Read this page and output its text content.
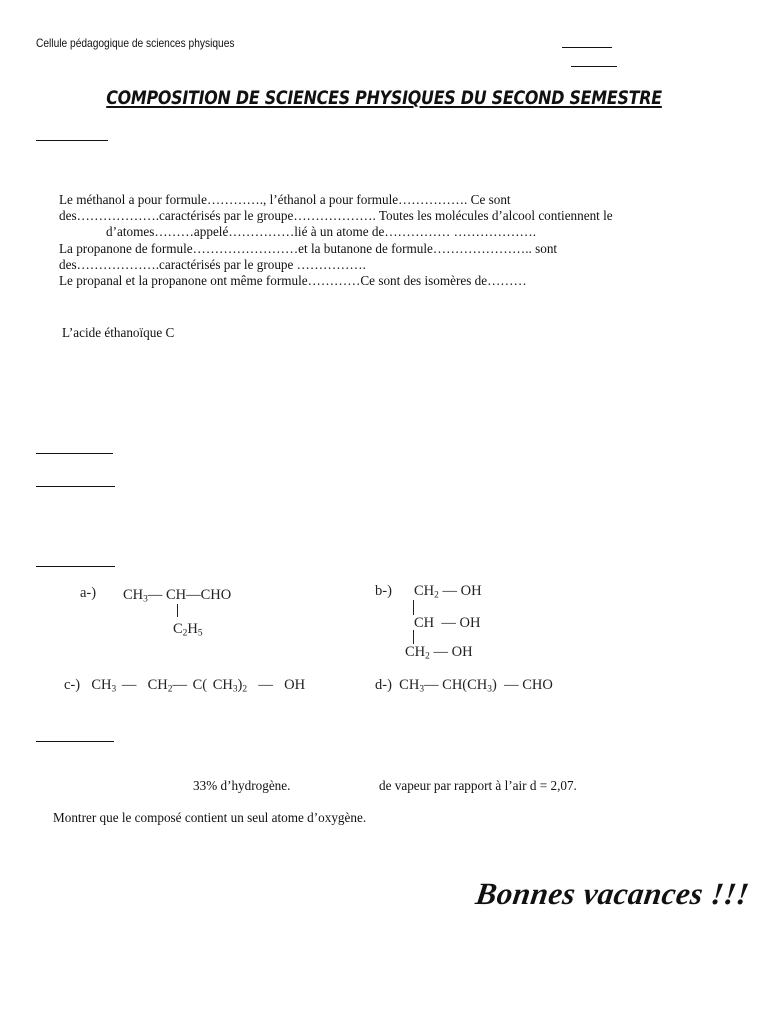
Cellule pédagogique de sciences physiques
COMPOSITION DE SCIENCES PHYSIQUES DU SECOND SEMESTRE
Le méthanol a pour formule…………., l’éthanol a pour formule……………. Ce sont
des……………….caractérisés par le groupe………………. Toutes les molécules d’alcool contiennent le
d’atomes………appelé……………lié à un atome de…………… ……………….
La propanone de formule……………………et la butanone de formule………………….. sont
des……………….caractérisés par le groupe …………….
Le propanal et la propanone ont même formule…………Ce sont des isomères de………
L’acide éthanoïque C
a-) $CH_3—$ CH—CHO
$C_2H_5$
b-) $CH_2$ — OH
CH — OH
$CH_2$ — OH
c-) $CH_3$ — $CH_2—$ C( $CH_3)_2$ — OH	d-) $CH_3—$ $CH(CH_3)$ — CHO
33% d’hydrogène.	de vapeur par rapport à l’air d = 2,07.
Montrer que le composé contient un seul atome d’oxygène.
Bonnes vacances !!!
